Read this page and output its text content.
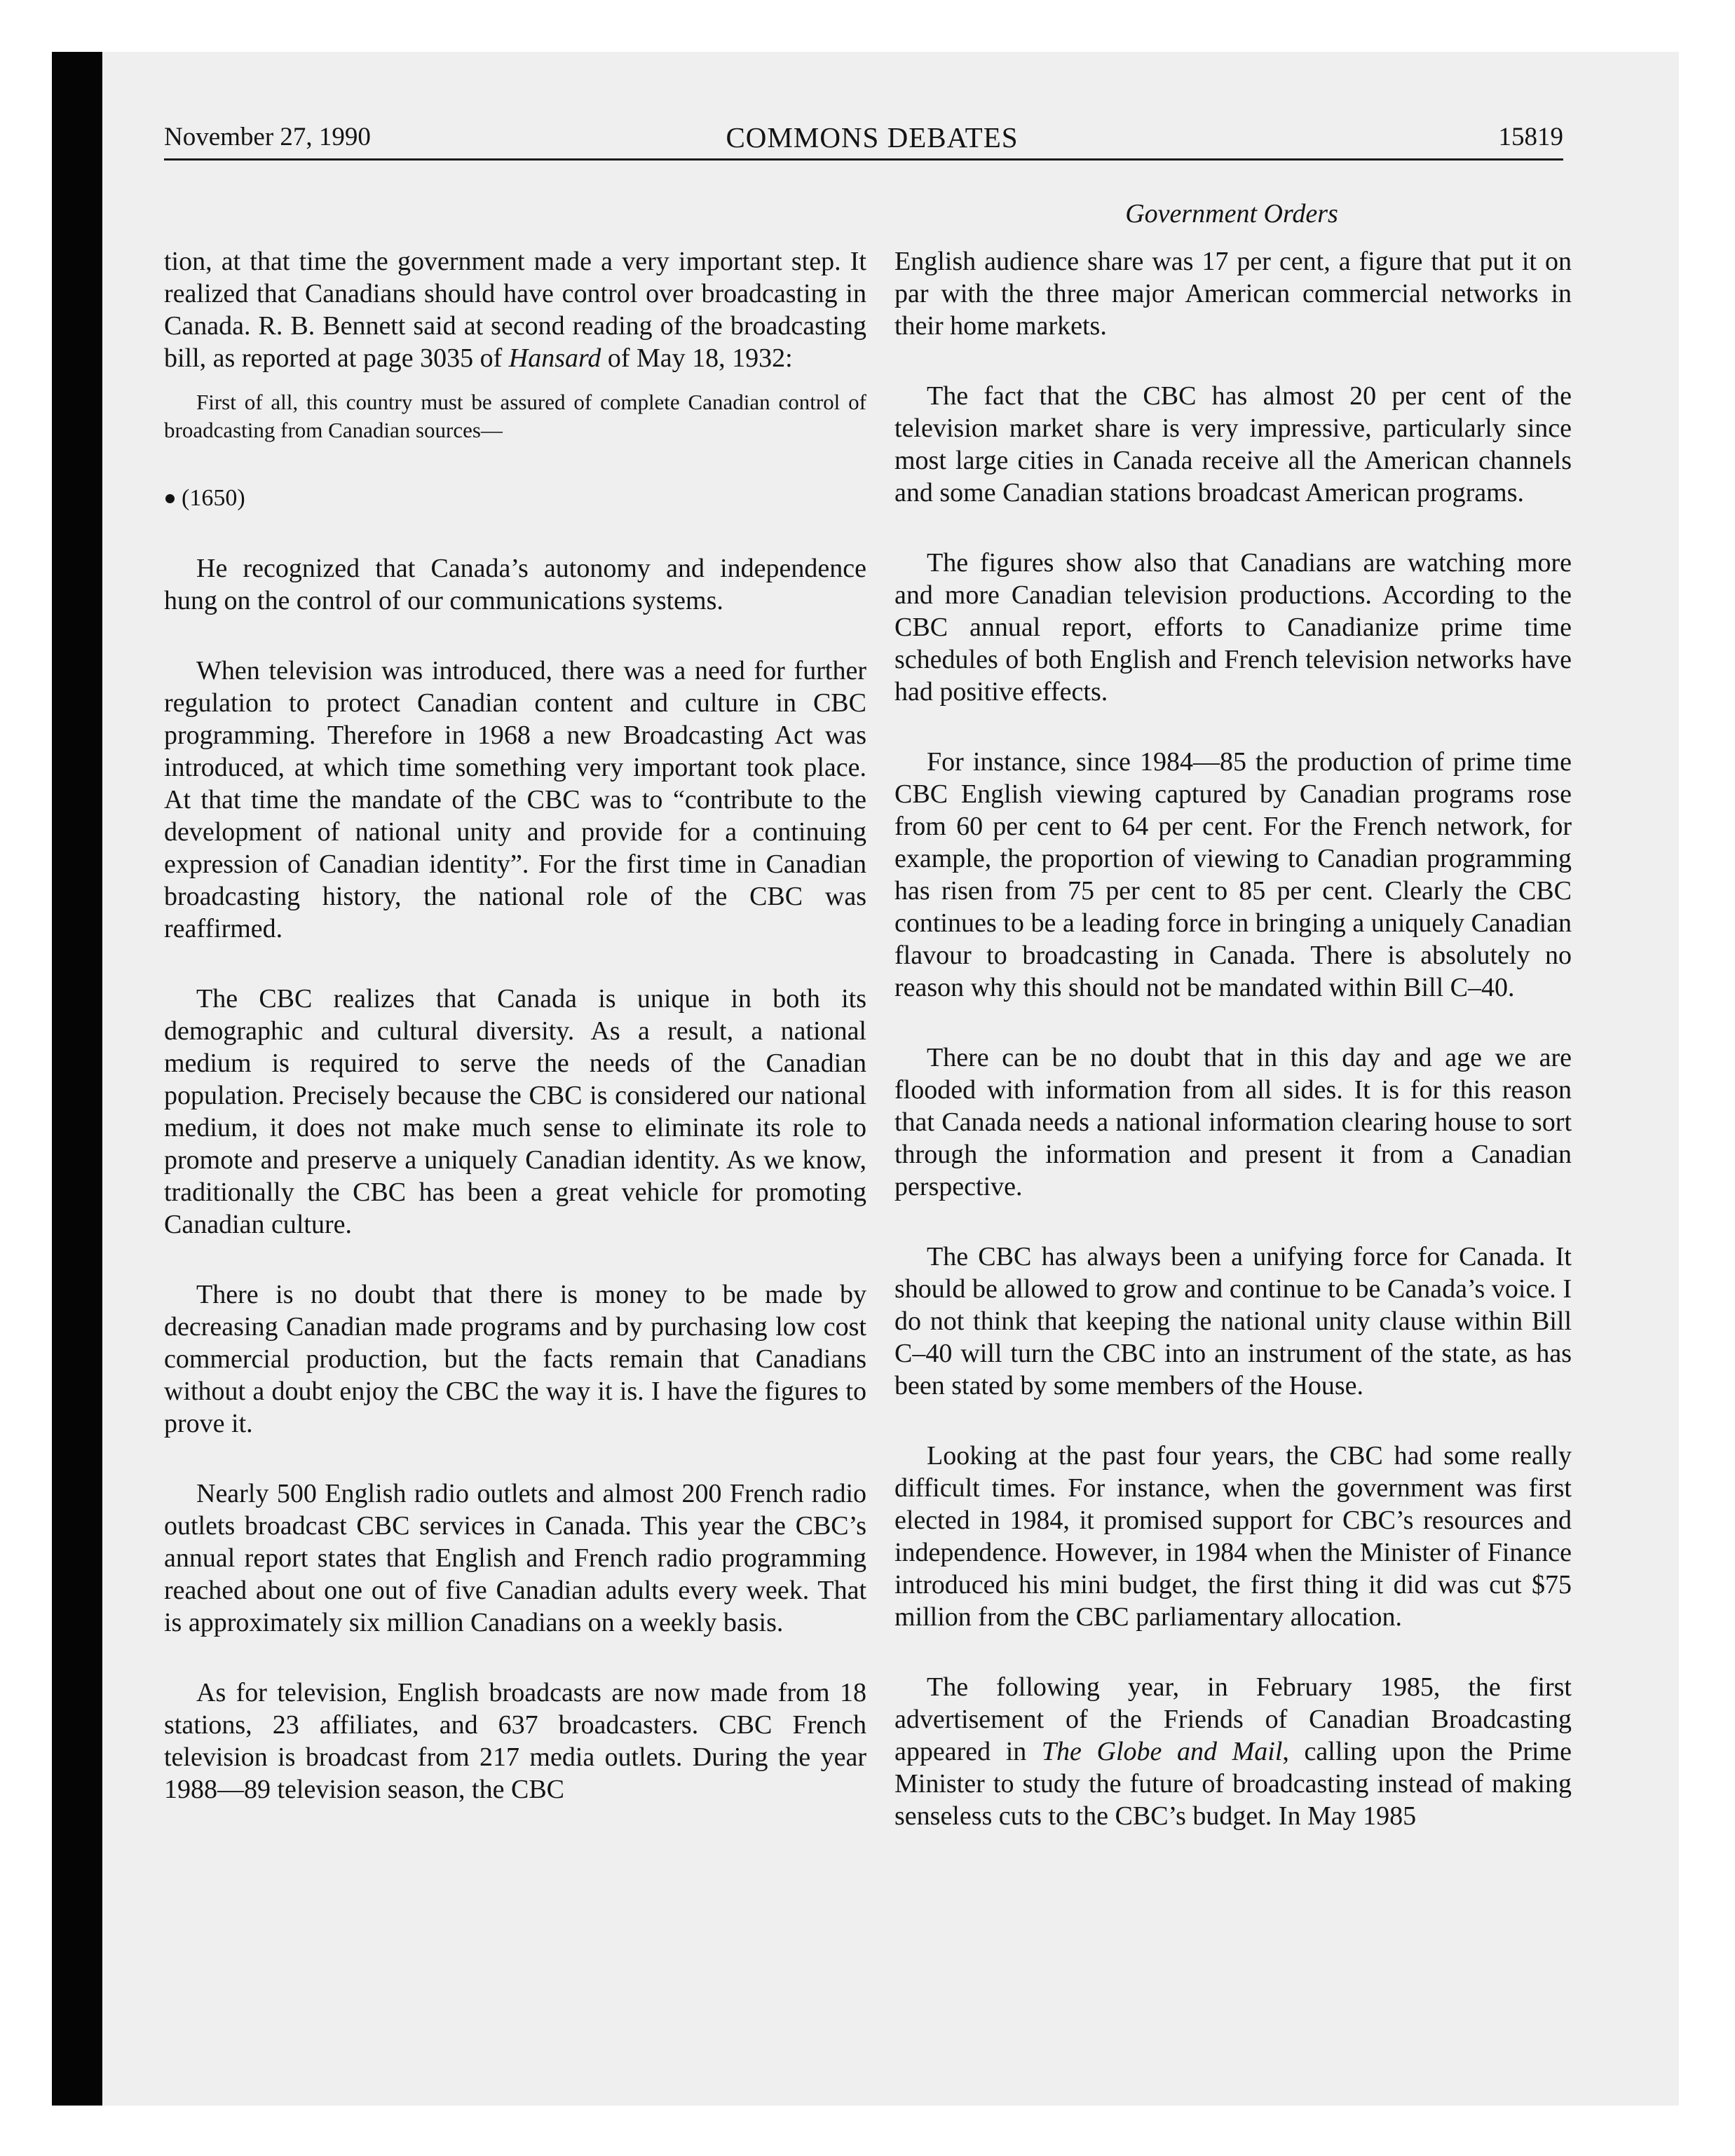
November 27, 1990	COMMONS DEBATES	15819
Government Orders

tion, at that time the government made a very important step. It realized that Canadians should have control over broadcasting in Canada. R. B. Bennett said at second reading of the broadcasting bill, as reported at page 3035 of Hansard of May 18, 1932:

First of all, this country must be assured of complete Canadian control of broadcasting from Canadian sources—

(1650)

He recognized that Canada’s autonomy and independence hung on the control of our communications systems.

When television was introduced, there was a need for further regulation to protect Canadian content and culture in CBC programming. Therefore in 1968 a new Broadcasting Act was introduced, at which time something very important took place. At that time the mandate of the CBC was to “contribute to the development of national unity and provide for a continuing expression of Canadian identity”. For the first time in Canadian broadcasting history, the national role of the CBC was reaffirmed.

The CBC realizes that Canada is unique in both its demographic and cultural diversity. As a result, a national medium is required to serve the needs of the Canadian population. Precisely because the CBC is considered our national medium, it does not make much sense to eliminate its role to promote and preserve a uniquely Canadian identity. As we know, traditionally the CBC has been a great vehicle for promoting Canadian culture.

There is no doubt that there is money to be made by decreasing Canadian made programs and by purchasing low cost commercial production, but the facts remain that Canadians without a doubt enjoy the CBC the way it is. I have the figures to prove it.

Nearly 500 English radio outlets and almost 200 French radio outlets broadcast CBC services in Canada. This year the CBC’s annual report states that English and French radio programming reached about one out of five Canadian adults every week. That is approximately six million Canadians on a weekly basis.

As for television, English broadcasts are now made from 18 stations, 23 affiliates, and 637 broadcasters. CBC French television is broadcast from 217 media outlets. During the year 1988—89 television season, the CBC

English audience share was 17 per cent, a figure that put it on par with the three major American commercial networks in their home markets.

The fact that the CBC has almost 20 per cent of the television market share is very impressive, particularly since most large cities in Canada receive all the American channels and some Canadian stations broadcast American programs.

The figures show also that Canadians are watching more and more Canadian television productions. According to the CBC annual report, efforts to Canadianize prime time schedules of both English and French television networks have had positive effects.

For instance, since 1984—85 the production of prime time CBC English viewing captured by Canadian programs rose from 60 per cent to 64 per cent. For the French network, for example, the proportion of viewing to Canadian programming has risen from 75 per cent to 85 per cent. Clearly the CBC continues to be a leading force in bringing a uniquely Canadian flavour to broadcasting in Canada. There is absolutely no reason why this should not be mandated within Bill C–40.

There can be no doubt that in this day and age we are flooded with information from all sides. It is for this reason that Canada needs a national information clearing house to sort through the information and present it from a Canadian perspective.

The CBC has always been a unifying force for Canada. It should be allowed to grow and continue to be Canada’s voice. I do not think that keeping the national unity clause within Bill C–40 will turn the CBC into an instrument of the state, as has been stated by some members of the House.

Looking at the past four years, the CBC had some really difficult times. For instance, when the government was first elected in 1984, it promised support for CBC’s resources and independence. However, in 1984 when the Minister of Finance introduced his mini budget, the first thing it did was cut $75 million from the CBC parliamentary allocation.

The following year, in February 1985, the first advertisement of the Friends of Canadian Broadcasting appeared in The Globe and Mail, calling upon the Prime Minister to study the future of broadcasting instead of making senseless cuts to the CBC’s budget. In May 1985
